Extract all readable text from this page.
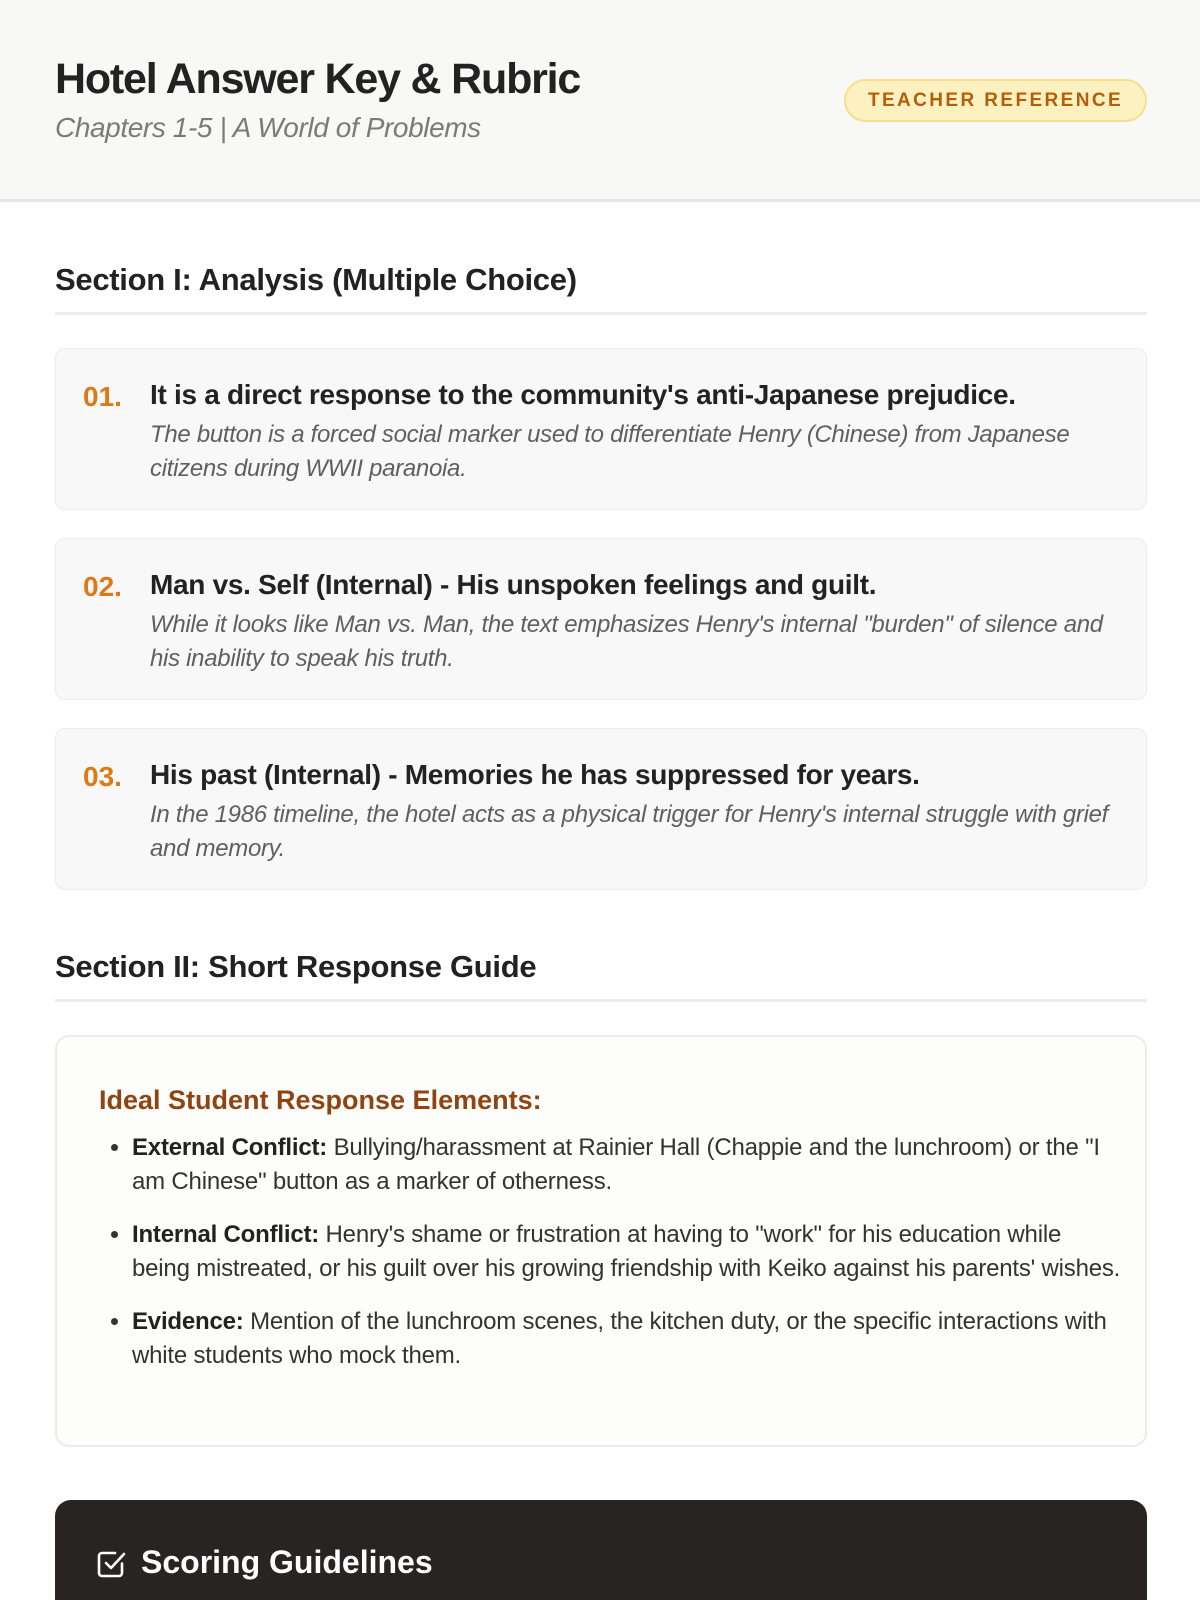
Hotel Answer Key & Rubric
Chapters 1-5 | A World of Problems
TEACHER REFERENCE
Section I: Analysis (Multiple Choice)
01. It is a direct response to the community's anti-Japanese prejudice.
The button is a forced social marker used to differentiate Henry (Chinese) from Japanese citizens during WWII paranoia.
02. Man vs. Self (Internal) - His unspoken feelings and guilt.
While it looks like Man vs. Man, the text emphasizes Henry's internal "burden" of silence and his inability to speak his truth.
03. His past (Internal) - Memories he has suppressed for years.
In the 1986 timeline, the hotel acts as a physical trigger for Henry's internal struggle with grief and memory.
Section II: Short Response Guide
Ideal Student Response Elements:
• External Conflict: Bullying/harassment at Rainier Hall (Chappie and the lunchroom) or the "I am Chinese" button as a marker of otherness.
• Internal Conflict: Henry's shame or frustration at having to "work" for his education while being mistreated, or his guilt over his growing friendship with Keiko against his parents' wishes.
• Evidence: Mention of the lunchroom scenes, the kitchen duty, or the specific interactions with white students who mock them.
Scoring Guidelines
